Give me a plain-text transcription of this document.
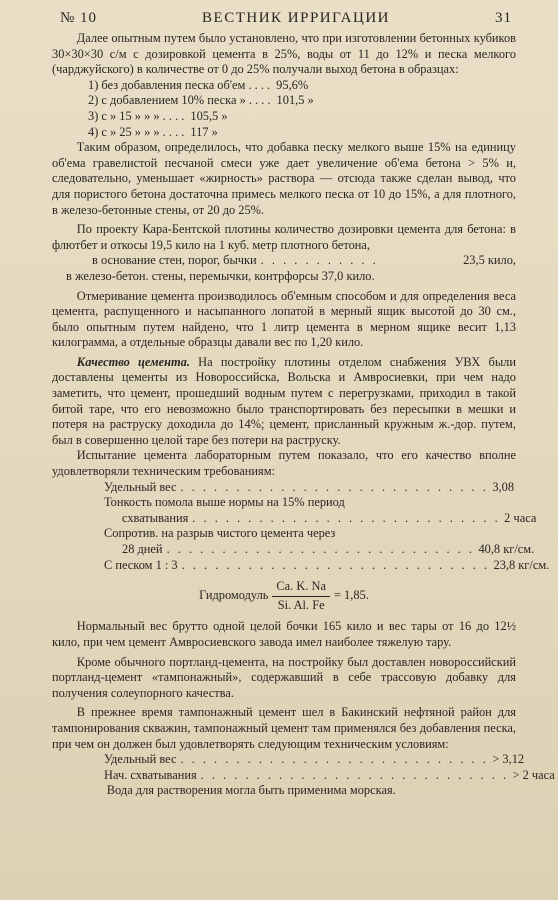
№ 10	ВЕСТНИК ИРРИГАЦИИ	31

Далее опытным путем было установлено, что при изготовлении бетонных кубиков 30×30×30 с/м с дозировкой цемента в 25%, воды от 11 до 12% и песка мелкого (чарджуйского) в количестве от 0 до 25% получали выход бетона в образцах:

1) без добавления песка об'ем . . . . 95,6%
2) с добавлением 10% песка » . . . . 101,5 »
3) с » 15 » » » . . . . 105,5 »
4) с » 25 » » » . . . . 117 »

Таким образом, определилось, что добавка песку мелкого выше 15% на единицу об'ема гравелистой песчаной смеси уже дает увеличение об'ема бетона > 5% и, следовательно, уменьшает «жирность» раствора — отсюда также сделан вывод, что для пористого бетона достаточна примесь мелкого песка от 10 до 15%, а для плотного, в железо-бетонные стены, от 20 до 25%.

По проекту Кара-Бентской плотины количество дозировки цемента для бетона: в флютбет и откосы 19,5 кило на 1 куб. метр плотного бетона,

в основание стен, порог, бычки . . . . . . . . . . .	23,5 кило,

в железо-бетон. стены, перемычки, контрфорсы 37,0 кило.

Отмеривание цемента производилось об'емным способом и для определения веса цемента, распущенного и насыпанного лопатой в мерный ящик высотой до 30 см., было опытным путем найдено, что 1 литр цемента в мерном ящике весит 1,13 килограмма, а отдельные образцы давали вес по 1,20 кило.

Качество цемента. На постройку плотины отделом снабжения УВХ были доставлены цементы из Новороссийска, Вольска и Амвросиевки, при чем надо заметить, что цемент, прошедший водным путем с перегрузками, приходил в такой битой таре, что его невозможно было транспортировать без пересыпки в мешки и потеря на раструску доходила до 14%; цемент, присланный кружным ж.-дор. путем, был в совершенно целой таре без потери на раструску.

Испытание цемента лабораторным путем показало, что его качество вполне удовлетворяли техническим требованиям:

Удельный вес . . . . . . . . . . . . . . . . . . . . . . . . . . . . 3,08
Тонкость помола выше нормы на 15% период
схватывания . . . . . . . . . . . . . . . . . . . . . . . . . . . . 2 часа
Сопротив. на разрыв чистого цемента через
28 дней . . . . . . . . . . . . . . . . . . . . . . . . . . . . 40,8 кг/см.
С песком 1 : 3 . . . . . . . . . . . . . . . . . . . . . . . . . . . . 23,8 кг/см.
Гидромодуль $\frac{Ca. K. Na}{Si. Al. Fe} = 1,85$.

Нормальный вес брутто одной целой бочки 165 кило и вес тары от 16 до 12½ кило, при чем цемент Амвросиевского завода имел наиболее тяжелую тару.

Кроме обычного портланд-цемента, на постройку был доставлен новороссийский портланд-цемент «тампонажный», содержавший в себе трассовую добавку для получения солеупорного качества.

В прежнее время тампонажный цемент шел в Бакинский нефтяной район для тампонирования скважин, тампонажный цемент там применялся без добавления песка, при чем он должен был удовлетворять следующим техническим условиям:

Удельный вес . . . . . . . . . . . . . . . . . . . . . . . . . . . . > 3,12
Нач. схватывания . . . . . . . . . . . . . . . . . . . . . . . . . . . . > 2 часа

Вода для растворения могла быть применима морская.
